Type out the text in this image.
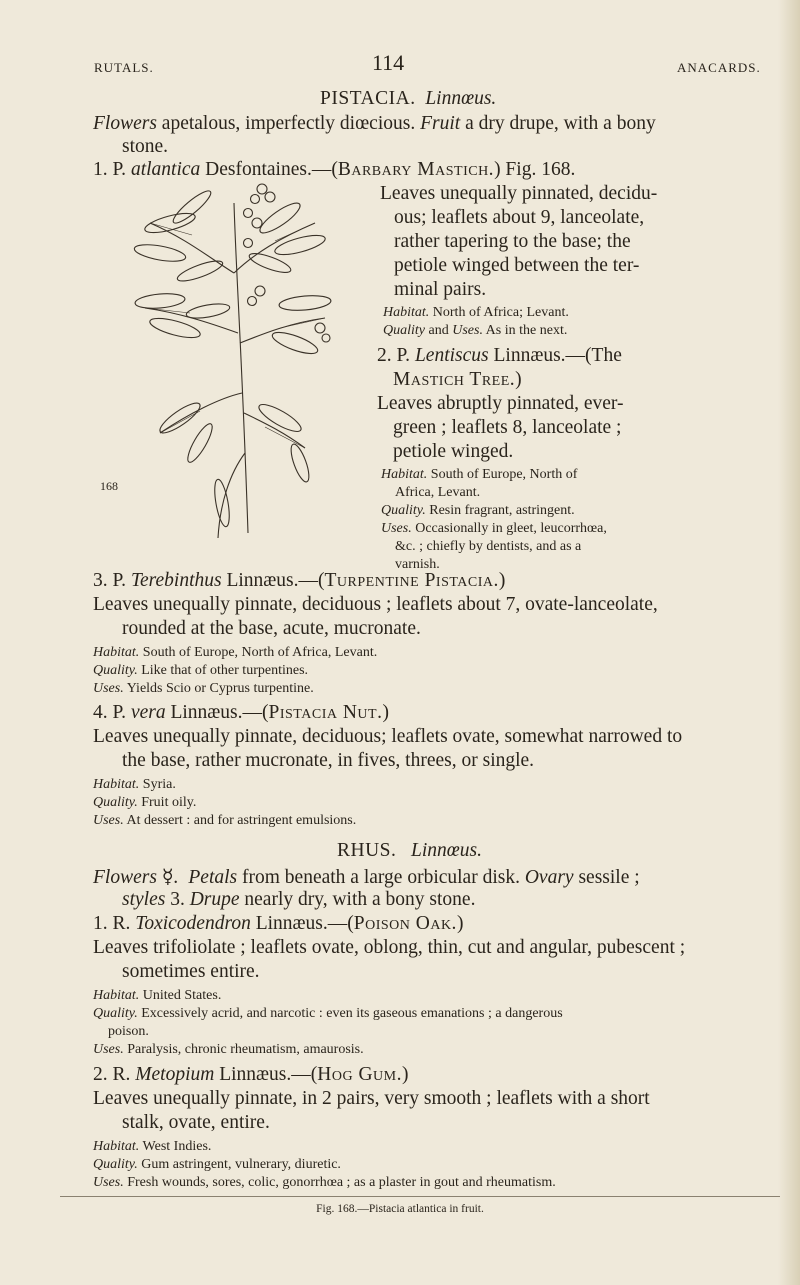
RUTALS.	114	ANACARDS.
PISTACIA. Linnœus.
Flowers apetalous, imperfectly diœcious. Fruit a dry drupe, with a bony
stone.
1. P. atlantica Desfontaines.—(Barbary Mastich.) Fig. 168.
Leaves unequally pinnated, decidu-
ous; leaflets about 9, lanceolate,
rather tapering to the base; the
petiole winged between the ter-
minal pairs.
Habitat. North of Africa; Levant.
Quality and Uses. As in the next.
2. P. Lentiscus Linnæus.—(The
Mastich Tree.)
Leaves abruptly pinnated, ever-
green ; leaflets 8, lanceolate ;
petiole winged.
Habitat. South of Europe, North of
Africa, Levant.
Quality. Resin fragrant, astringent.
Uses. Occasionally in gleet, leucorrhœa,
&c. ; chiefly by dentists, and as a
varnish.
168
3. P. Terebinthus Linnæus.—(Turpentine Pistacia.)
Leaves unequally pinnate, deciduous ; leaflets about 7, ovate-lanceolate,
rounded at the base, acute, mucronate.
Habitat. South of Europe, North of Africa, Levant.
Quality. Like that of other turpentines.
Uses. Yields Scio or Cyprus turpentine.
4. P. vera Linnæus.—(Pistacia Nut.)
Leaves unequally pinnate, deciduous; leaflets ovate, somewhat narrowed to
the base, rather mucronate, in fives, threes, or single.
Habitat. Syria.
Quality. Fruit oily.
Uses. At dessert : and for astringent emulsions.
RHUS. Linnœus.
Flowers ☿. Petals from beneath a large orbicular disk. Ovary sessile ;
styles 3. Drupe nearly dry, with a bony stone.
1. R. Toxicodendron Linnæus.—(Poison Oak.)
Leaves trifoliolate ; leaflets ovate, oblong, thin, cut and angular, pubescent ;
sometimes entire.
Habitat. United States.
Quality. Excessively acrid, and narcotic : even its gaseous emanations ; a dangerous
poison.
Uses. Paralysis, chronic rheumatism, amaurosis.
2. R. Metopium Linnæus.—(Hog Gum.)
Leaves unequally pinnate, in 2 pairs, very smooth ; leaflets with a short
stalk, ovate, entire.
Habitat. West Indies.
Quality. Gum astringent, vulnerary, diuretic.
Uses. Fresh wounds, sores, colic, gonorrhœa ; as a plaster in gout and rheumatism.
Fig. 168.—Pistacia atlantica in fruit.
